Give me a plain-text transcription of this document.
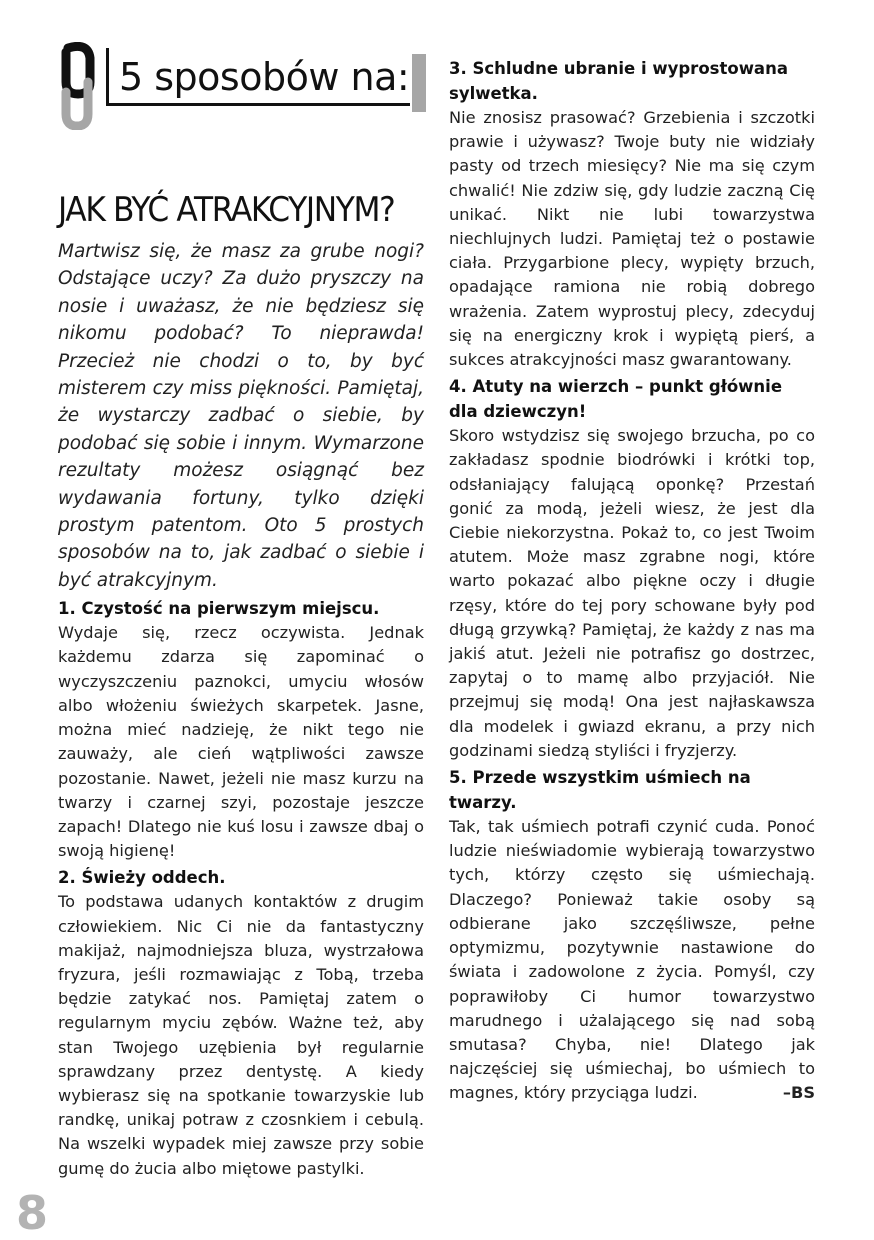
5 sposobów na:
JAK BYĆ ATRAKCYJNYM?

Martwisz się, że masz za grube nogi? Odstające uczy? Za dużo pryszczy na nosie i uważasz, że nie będziesz się nikomu podobać? To nieprawda! Przecież nie chodzi o to, by być misterem czy miss piękności. Pamiętaj, że wystarczy zadbać o siebie, by podobać się sobie i innym. Wymarzone rezultaty możesz osiągnąć bez wydawania fortuny, tylko dzięki prostym patentom. Oto 5 prostych sposobów na to, jak zadbać o siebie i być atrakcyjnym.

1. Czystość na pierwszym miejscu.

Wydaje się, rzecz oczywista. Jednak każdemu zdarza się zapominać o wyczyszczeniu paznokci, umyciu włosów albo włożeniu świeżych skarpetek. Jasne, można mieć nadzieję, że nikt tego nie zauważy, ale cień wątpliwości zawsze pozostanie. Nawet, jeżeli nie masz kurzu na twarzy i czarnej szyi, pozostaje jeszcze zapach! Dlatego nie kuś losu i zawsze dbaj o swoją higienę!

2. Świeży oddech.

To podstawa udanych kontaktów z drugim człowiekiem. Nic Ci nie da fantastyczny makijaż, najmodniejsza bluza, wystrzałowa fryzura, jeśli rozmawiając z Tobą, trzeba będzie zatykać nos. Pamiętaj zatem o regularnym myciu zębów. Ważne też, aby stan Twojego uzębienia był regularnie sprawdzany przez dentystę. A kiedy wybierasz się na spotkanie towarzyskie lub randkę, unikaj potraw z czosnkiem i cebulą. Na wszelki wypadek miej zawsze przy sobie gumę do żucia albo miętowe pastylki.

3. Schludne ubranie i wyprostowana sylwetka.

Nie znosisz prasować? Grzebienia i szczotki prawie i używasz? Twoje buty nie widziały pasty od trzech miesięcy? Nie ma się czym chwalić! Nie zdziw się, gdy ludzie zaczną Cię unikać. Nikt nie lubi towarzystwa niechlujnych ludzi. Pamiętaj też o postawie ciała. Przygarbione plecy, wypięty brzuch, opadające ramiona nie robią dobrego wrażenia. Zatem wyprostuj plecy, zdecyduj się na energiczny krok i wypiętą pierś, a sukces atrakcyjności masz gwarantowany.

4. Atuty na wierzch – punkt głównie dla dziewczyn!

Skoro wstydzisz się swojego brzucha, po co zakładasz spodnie biodrówki i krótki top, odsłaniający falującą oponkę? Przestań gonić za modą, jeżeli wiesz, że jest dla Ciebie niekorzystna. Pokaż to, co jest Twoim atutem. Może masz zgrabne nogi, które warto pokazać albo piękne oczy i długie rzęsy, które do tej pory schowane były pod długą grzywką? Pamiętaj, że każdy z nas ma jakiś atut. Jeżeli nie potrafisz go dostrzec, zapytaj o to mamę albo przyjaciół. Nie przejmuj się modą! Ona jest najłaskawsza dla modelek i gwiazd ekranu, a przy nich godzinami siedzą styliści i fryzjerzy.

5. Przede wszystkim uśmiech na twarzy.

Tak, tak uśmiech potrafi czynić cuda. Ponoć ludzie nieświadomie wybierają towarzystwo tych, którzy często się uśmiechają. Dlaczego? Ponieważ takie osoby są odbierane jako szczęśliwsze, pełne optymizmu, pozytywnie nastawione do świata i zadowolone z życia. Pomyśl, czy poprawiłoby Ci humor towarzystwo marudnego i użalającego się nad sobą smutasa? Chyba, nie! Dlatego jak najczęściej się uśmiechaj, bo uśmiech to magnes, który przyciąga ludzi.	–BS

8
